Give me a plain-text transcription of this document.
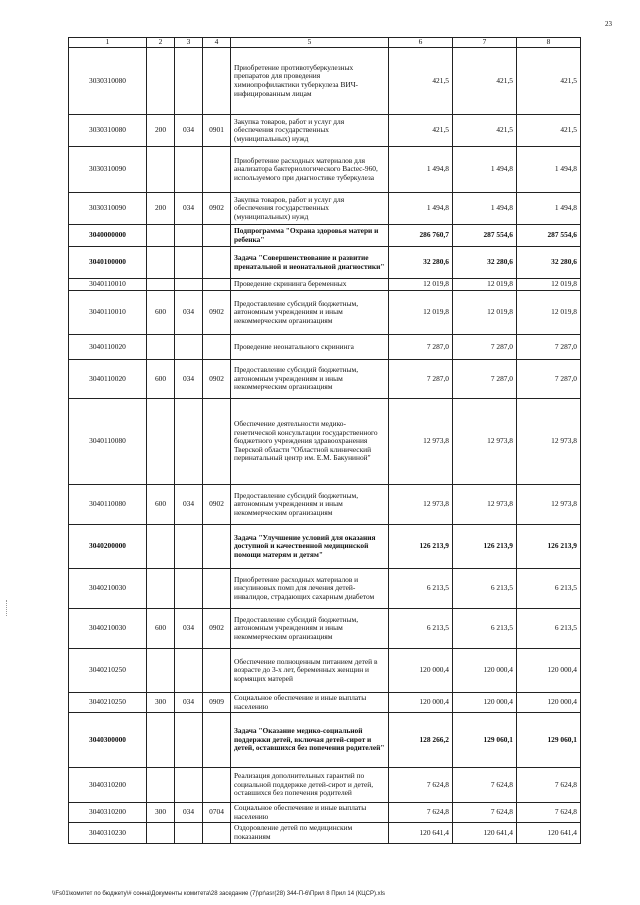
23
1	2	3	4	5	6	7	8
3030310080				Приобретение противотуберкулезных препаратов для проведения химиопрофилактики туберкулеза ВИЧ-инфицированным лицам	421,5	421,5	421,5
3030310080	200	034	0901	Закупка товаров, работ и услуг для обеспечения государственных (муниципальных) нужд	421,5	421,5	421,5
3030310090				Приобретение расходных материалов для анализатора бактериологического Bactec-960, используемого при диагностике туберкулеза	1 494,8	1 494,8	1 494,8
3030310090	200	034	0902	Закупка товаров, работ и услуг для обеспечения государственных (муниципальных) нужд	1 494,8	1 494,8	1 494,8
3040000000				Подпрограмма "Охрана здоровья матери и ребенка"	286 760,7	287 554,6	287 554,6
3040100000				Задача "Совершенствование и развитие пренатальной и неонатальной диагностики"	32 280,6	32 280,6	32 280,6
3040110010				Проведение скрининга беременных	12 019,8	12 019,8	12 019,8
3040110010	600	034	0902	Предоставление субсидий бюджетным, автономным учреждениям и иным некоммерческим организациям	12 019,8	12 019,8	12 019,8
3040110020				Проведение неонатального скрининга	7 287,0	7 287,0	7 287,0
3040110020	600	034	0902	Предоставление субсидий бюджетным, автономным учреждениям и иным некоммерческим организациям	7 287,0	7 287,0	7 287,0
3040110080				Обеспечение деятельности медико-генетической консультации государственного бюджетного учреждения здравоохранения Тверской области "Областной клинический перинатальный центр им. Е.М. Бакуниной"	12 973,8	12 973,8	12 973,8
3040110080	600	034	0902	Предоставление субсидий бюджетным, автономным учреждениям и иным некоммерческим организациям	12 973,8	12 973,8	12 973,8
3040200000				Задача "Улучшение условий для оказания доступной и качественной медицинской помощи матерям и детям"	126 213,9	126 213,9	126 213,9
3040210030				Приобретение расходных материалов и инсулиновых помп для лечения детей-инвалидов, страдающих сахарным диабетом	6 213,5	6 213,5	6 213,5
3040210030	600	034	0902	Предоставление субсидий бюджетным, автономным учреждениям и иным некоммерческим организациям	6 213,5	6 213,5	6 213,5
3040210250				Обеспечение полноценным питанием детей в возрасте до 3-х лет, беременных женщин и кормящих матерей	120 000,4	120 000,4	120 000,4
3040210250	300	034	0909	Социальное обеспечение и иные выплаты населению	120 000,4	120 000,4	120 000,4
3040300000				Задача "Оказание медико-социальной поддержки детей, включая детей-сирот и детей, оставшихся без попечения родителей"	128 266,2	129 060,1	129 060,1
3040310200				Реализация дополнительных гарантий по социальной поддержке детей-сирот и детей, оставшихся без попечения родителей	7 624,8	7 624,8	7 624,8
3040310200	300	034	0704	Социальное обеспечение и иные выплаты населению	7 624,8	7 624,8	7 624,8
3040310230				Оздоровление детей по медицинским показаниям	120 641,4	120 641,4	120 641,4
\\Fs01\комитет по бюджету\# сонна\Документы комитета\28 заседание (7)\pr\asr(28) 344-П-6\Прил 8 Прил 14 (КЦСР).xls
